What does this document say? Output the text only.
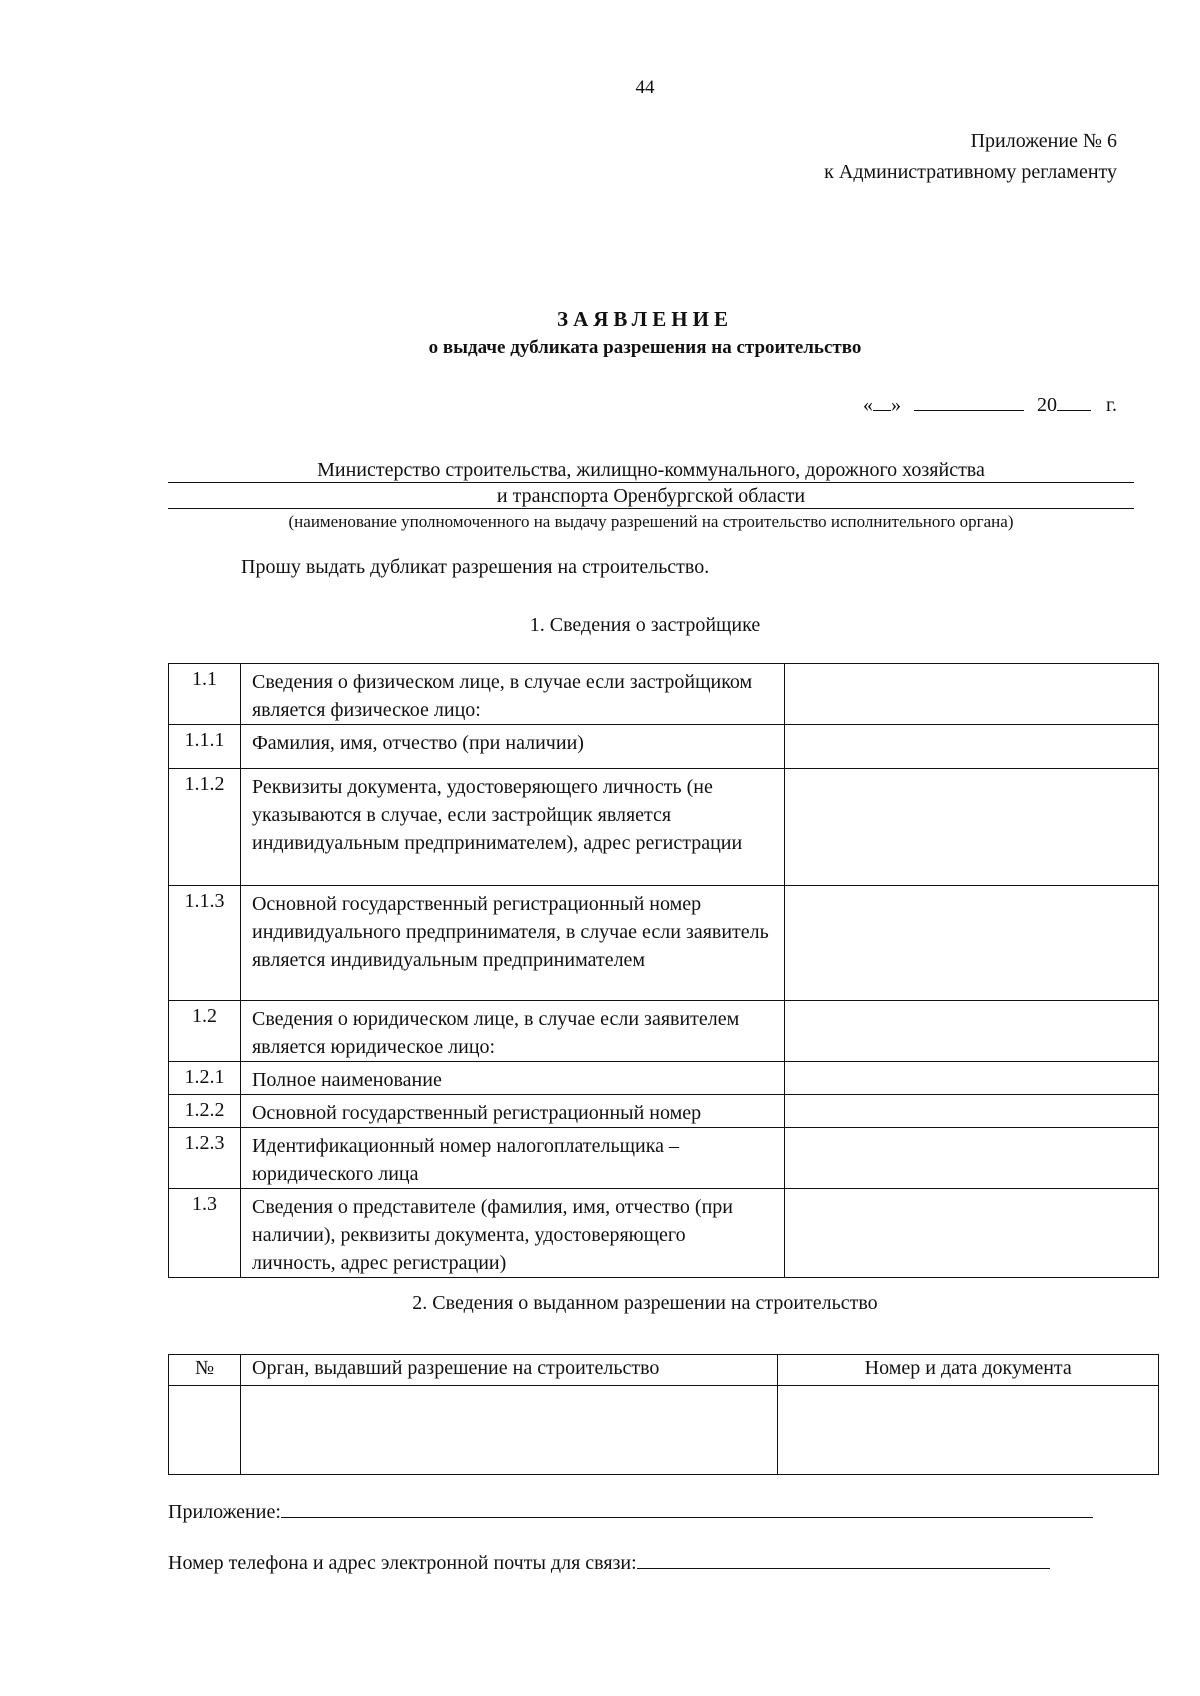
44
Приложение № 6
к Административному регламенту
ЗАЯВЛЕНИЕ
о выдаче дубликата разрешения на строительство
« »	20 г.
Министерство строительства, жилищно-коммунального, дорожного хозяйства
и транспорта Оренбургской области
(наименование уполномоченного на выдачу разрешений на строительство исполнительного органа)
Прошу выдать дубликат разрешения на строительство.
1. Сведения о застройщике
1.1	Сведения о физическом лице, в случае если застройщиком является физическое лицо:	
1.1.1	Фамилия, имя, отчество (при наличии)	
1.1.2	Реквизиты документа, удостоверяющего личность (не указываются в случае, если застройщик является индивидуальным предпринимателем), адрес регистрации	
1.1.3	Основной государственный регистрационный номер индивидуального предпринимателя, в случае если заявитель является индивидуальным предпринимателем	
1.2	Сведения о юридическом лице, в случае если заявителем является юридическое лицо:	
1.2.1	Полное наименование	
1.2.2	Основной государственный регистрационный номер	
1.2.3	Идентификационный номер налогоплательщика – юридического лица	
1.3	Сведения о представителе (фамилия, имя, отчество (при наличии), реквизиты документа, удостоверяющего личность, адрес регистрации)	
2. Сведения о выданном разрешении на строительство
№	Орган, выдавший разрешение на строительство	Номер и дата документа

Приложение:
Номер телефона и адрес электронной почты для связи:
